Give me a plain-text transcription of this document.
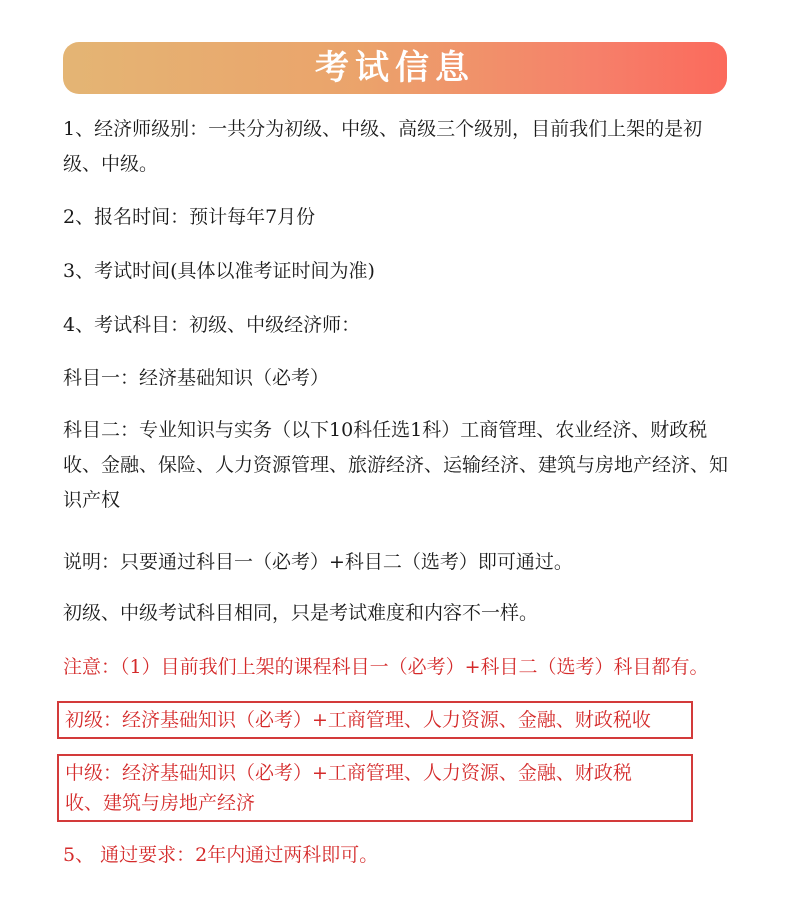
考试信息

1、经济师级别：一共分为初级、中级、高级三个级别，目前我们上架的是初级、中级。

2、报名时间：预计每年7月份

3、考试时间(具体以准考证时间为准)

4、考试科目：初级、中级经济师：

科目一：经济基础知识（必考）

科目二：专业知识与实务（以下10科任选1科）工商管理、农业经济、财政税收、金融、保险、人力资源管理、旅游经济、运输经济、建筑与房地产经济、知识产权

说明：只要通过科目一（必考）+科目二（选考）即可通过。

初级、中级考试科目相同，只是考试难度和内容不一样。

注意：（1）目前我们上架的课程科目一（必考）+科目二（选考）科目都有。

初级：经济基础知识（必考）+工商管理、人力资源、金融、财政税收
中级：经济基础知识（必考）+工商管理、人力资源、金融、财政税收、建筑与房地产经济

5、 通过要求：2年内通过两科即可。
